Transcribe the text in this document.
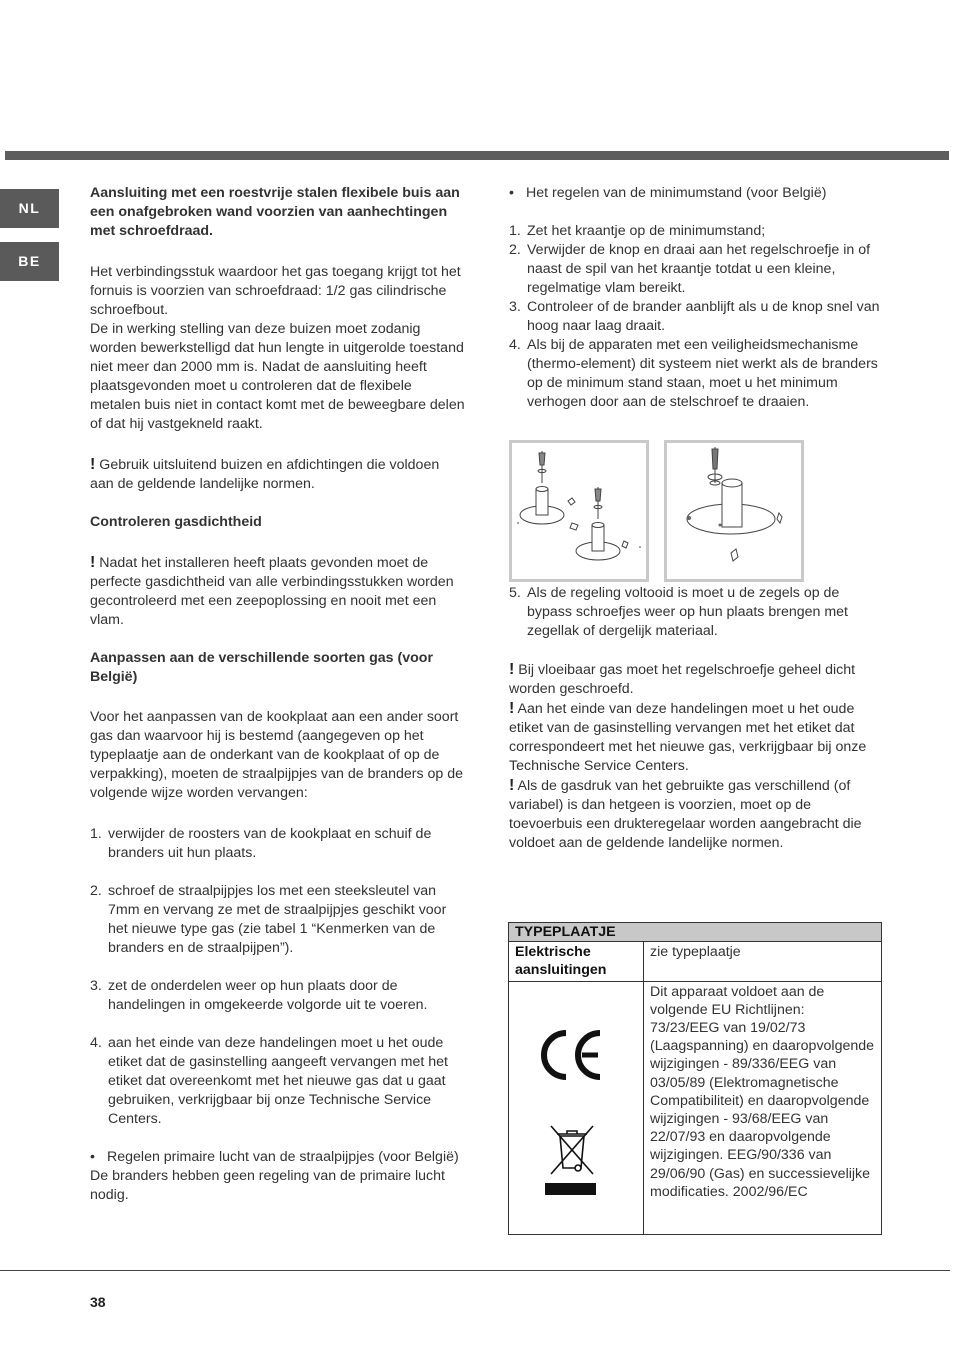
NL
BE

Aansluiting met een roestvrije stalen flexibele buis aan een onafgebroken wand voorzien van aanhechtingen met schroefdraad.

Het verbindingsstuk waardoor het gas toegang krijgt tot het fornuis is voorzien van schroefdraad: 1/2 gas cilindrische schroefbout.

De in werking stelling van deze buizen moet zodanig worden bewerkstelligd dat hun lengte in uitgerolde toestand niet meer dan 2000 mm is. Nadat de aansluiting heeft plaatsgevonden moet u controleren dat de flexibele metalen buis niet in contact komt met de beweegbare delen of dat hij vastgekneld raakt.

! Gebruik uitsluitend buizen en afdichtingen die voldoen aan de geldende landelijke normen.

Controleren gasdichtheid

! Nadat het installeren heeft plaats gevonden moet de perfecte gasdichtheid van alle verbindingsstukken worden gecontroleerd met een zeepoplossing en nooit met een vlam.

Aanpassen aan de verschillende soorten gas (voor België)

Voor het aanpassen van de kookplaat aan een ander soort gas dan waarvoor hij is bestemd (aangegeven op het typeplaatje aan de onderkant van de kookplaat of op de verpakking), moeten de straalpijpjes van de branders op de volgende wijze worden vervangen:

1. verwijder de roosters van de kookplaat en schuif de branders uit hun plaats.
2. schroef de straalpijpjes los met een steeksleutel van 7mm en vervang ze met de straalpijpjes geschikt voor het nieuwe type gas (zie tabel 1 “Kenmerken van de branders en de straalpijpen”).
3. zet de onderdelen weer op hun plaats door de handelingen in omgekeerde volgorde uit te voeren.
4. aan het einde van deze handelingen moet u het oude etiket dat de gasinstelling aangeeft vervangen met het etiket dat overeenkomt met het nieuwe gas dat u gaat gebruiken, verkrijgbaar bij onze Technische Service Centers.
• Regelen primaire lucht van de straalpijpjes (voor België)

De branders hebben geen regeling van de primaire lucht nodig.

• Het regelen van de minimumstand (voor België)
1. Zet het kraantje op de minimumstand;
2. Verwijder de knop en draai aan het regelschroefje in of naast de spil van het kraantje totdat u een kleine, regelmatige vlam bereikt.
3. Controleer of de brander aanblijft als u de knop snel van hoog naar laag draait.
4. Als bij de apparaten met een veiligheidsmechanisme (thermo-element) dit systeem niet werkt als de branders op de minimum stand staan, moet u het minimum verhogen door aan de stelschroef te draaien.
5. Als de regeling voltooid is moet u de zegels op de bypass schroefjes weer op hun plaats brengen met zegellak of dergelijk materiaal.

! Bij vloeibaar gas moet het regelschroefje geheel dicht worden geschroefd.

! Aan het einde van deze handelingen moet u het oude etiket van de gasinstelling vervangen met het etiket dat correspondeert met het nieuwe gas, verkrijgbaar bij onze Technische Service Centers.

! Als de gasdruk van het gebruikte gas verschillend (of variabel) is dan hetgeen is voorzien, moet op de toevoerbuis een drukteregelaar worden aangebracht die voldoet aan de geldende landelijke normen.

TYPEPLAATJE	
Elektrische aansluitingen	zie typeplaatje

	Dit apparaat voldoet aan de volgende EU Richtlijnen: 73/23/EEG van 19/02/73 (Laagspanning) en daaropvolgende wijzigingen - 89/336/EEG van 03/05/89 (Elektromagnetische Compatibiliteit) en daaropvolgende wijzigingen - 93/68/EEG van 22/07/93 en daaropvolgende wijzigingen. EEG/90/336 van 29/06/90 (Gas) en successievelijke modificaties. 2002/96/EC
38
